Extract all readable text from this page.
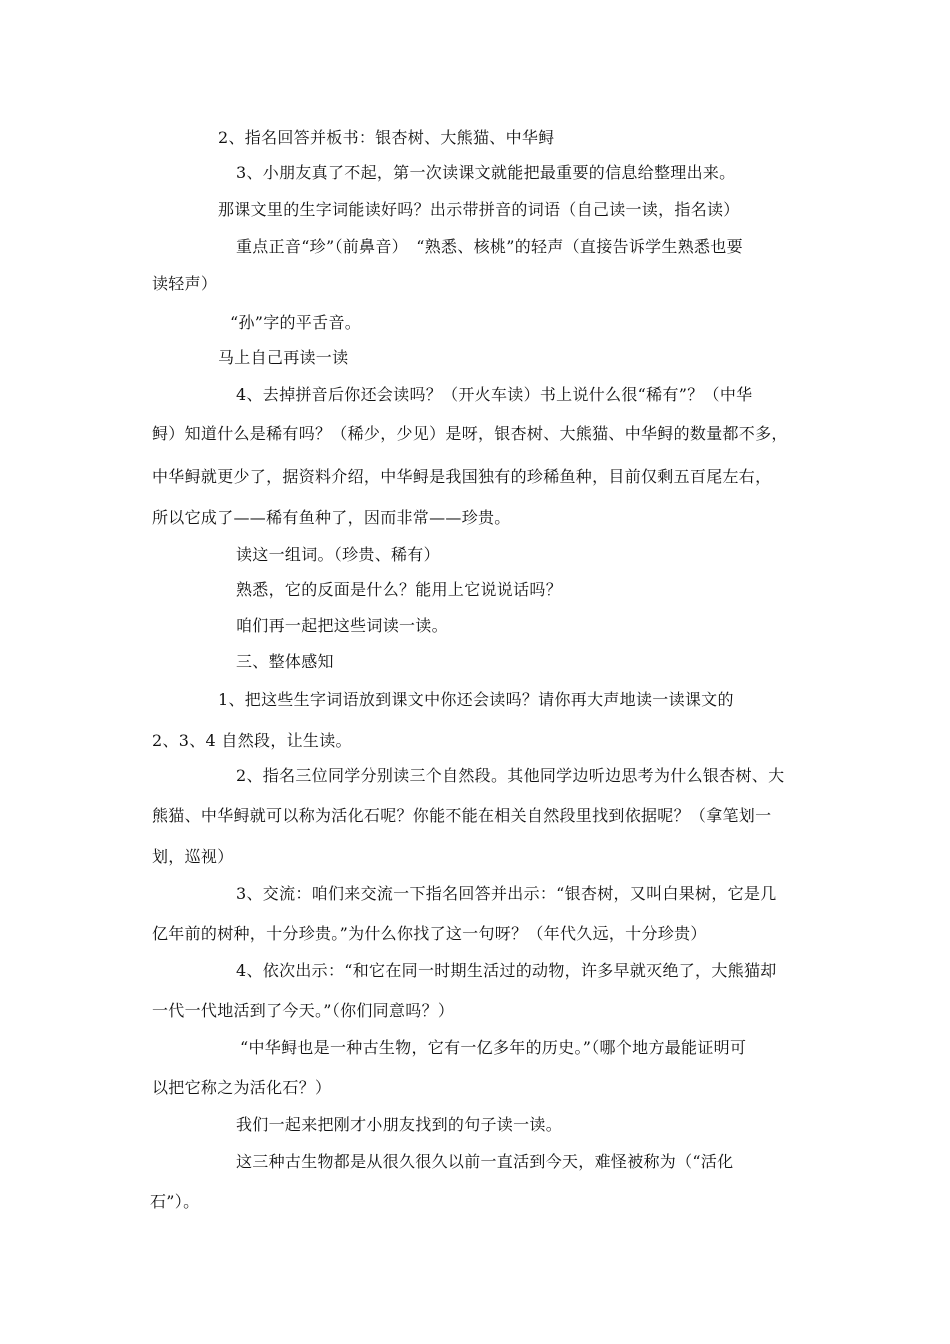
2、指名回答并板书：银杏树、大熊猫、中华鲟

3、小朋友真了不起，第一次读课文就能把最重要的信息给整理出来。

那课文里的生字词能读好吗？出示带拼音的词语（自己读一读，指名读）

重点正音“珍”（前鼻音）　“熟悉、核桃”的轻声（直接告诉学生熟悉也要

读轻声）

“孙”字的平舌音。

马上自己再读一读

4、去掉拼音后你还会读吗？（开火车读）书上说什么很“稀有”？（中华

鲟）知道什么是稀有吗？（稀少，少见）是呀，银杏树、大熊猫、中华鲟的数量都不多，

中华鲟就更少了，据资料介绍，中华鲟是我国独有的珍稀鱼种，目前仅剩五百尾左右，

所以它成了——稀有鱼种了，因而非常——珍贵。

读这一组词。（珍贵、稀有）

熟悉，它的反面是什么？能用上它说说话吗？

咱们再一起把这些词读一读。

三、整体感知

1、把这些生字词语放到课文中你还会读吗？请你再大声地读一读课文的

2、3、4 自然段，让生读。

2、指名三位同学分别读三个自然段。其他同学边听边思考为什么银杏树、大

熊猫、中华鲟就可以称为活化石呢？你能不能在相关自然段里找到依据呢？（拿笔划一

划，巡视）

3、交流：咱们来交流一下指名回答并出示：“银杏树，又叫白果树，它是几

亿年前的树种，十分珍贵。”为什么你找了这一句呀？（年代久远，十分珍贵）

4、依次出示：“和它在同一时期生活过的动物，许多早就灭绝了，大熊猫却

一代一代地活到了今天。”（你们同意吗？）

“中华鲟也是一种古生物，它有一亿多年的历史。”（哪个地方最能证明可

以把它称之为活化石？）

我们一起来把刚才小朋友找到的句子读一读。

这三种古生物都是从很久很久以前一直活到今天，难怪被称为（“活化

石”）。
